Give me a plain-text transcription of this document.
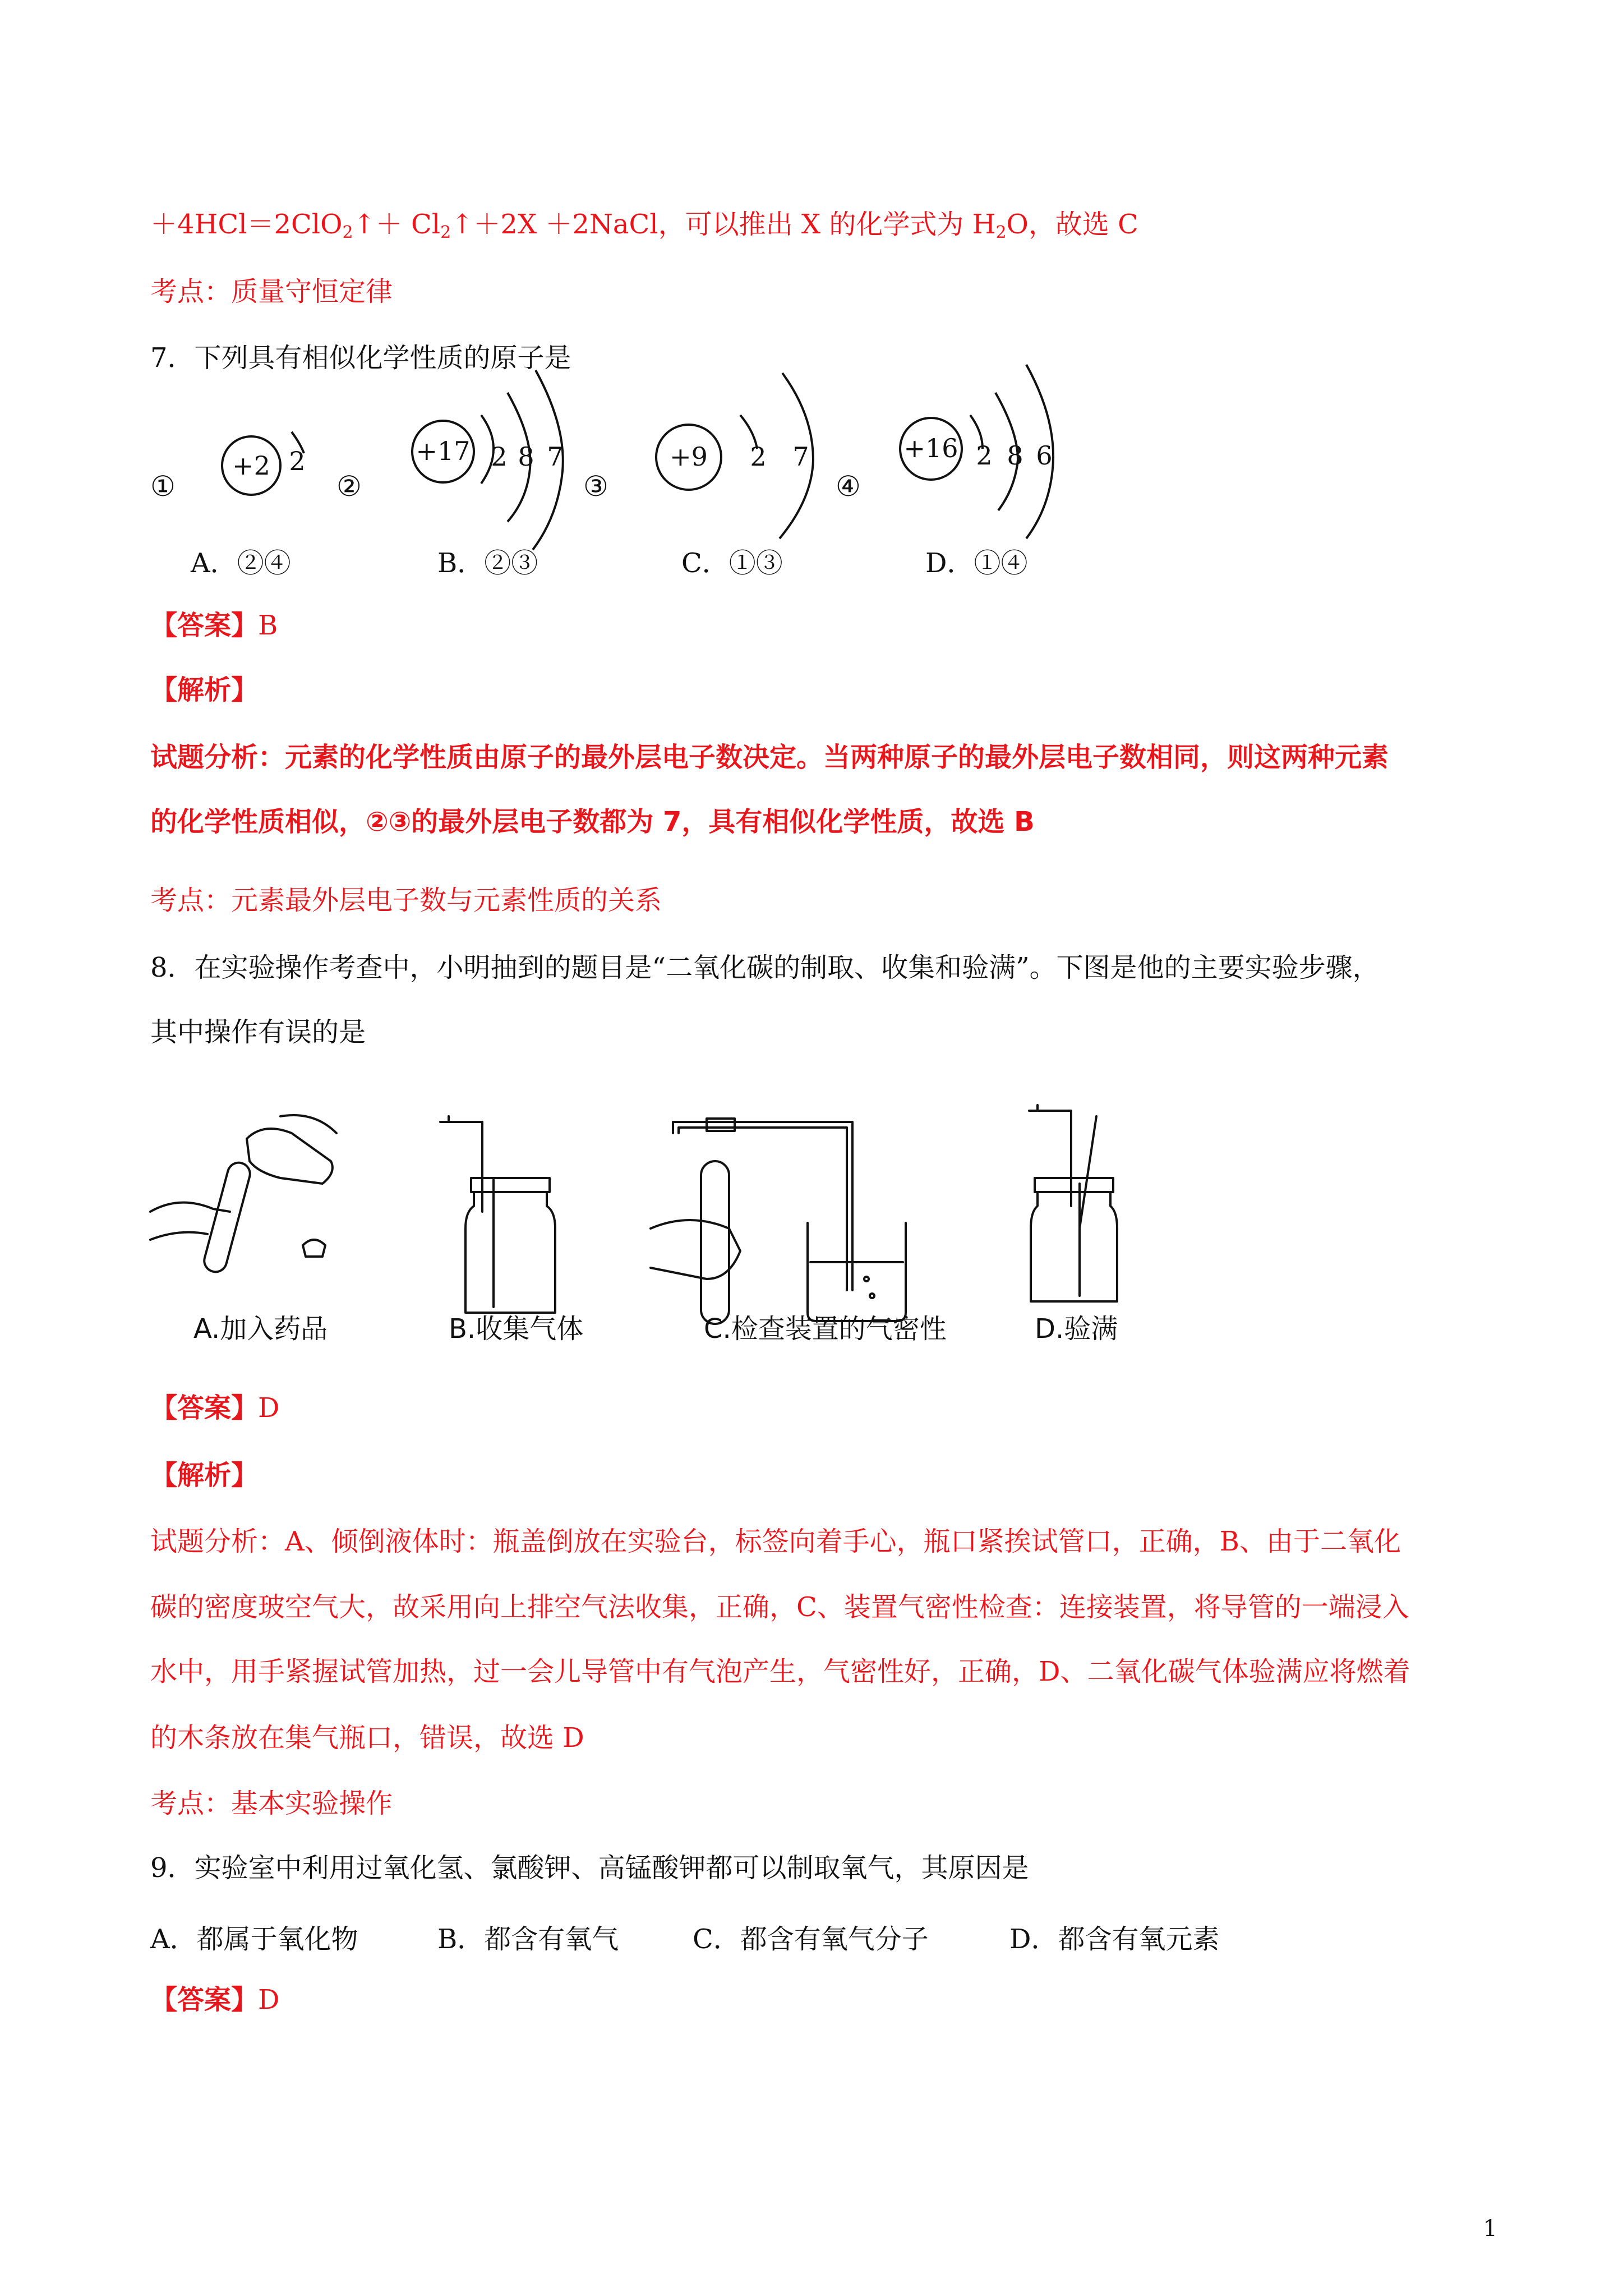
＋4HCl＝2ClO$_2$↑＋ $Cl_2↑+2X$ ＋2NaCl，可以推出 X 的化学式为 $H_2O$，故选 C
考点：质量守恒定律
7．下列具有相似化学性质的原子是
①	②	③	④
+2 2	+17 2 8 7	+9 2 7	+16 2 8 6
A．②④	B．②③	C．①③	D．①④
【答案】B
【解析】
试题分析：元素的化学性质由原子的最外层电子数决定。当两种原子的最外层电子数相同，则这两种元素
的化学性质相似，②③的最外层电子数都为 7，具有相似化学性质，故选 B
考点：元素最外层电子数与元素性质的关系
8．在实验操作考查中，小明抽到的题目是“二氧化碳的制取、收集和验满”。下图是他的主要实验步骤，
其中操作有误的是
A.加入药品	B.收集气体	C.检查装置的气密性	D.验满
【答案】D
【解析】
试题分析：A、倾倒液体时：瓶盖倒放在实验台，标签向着手心，瓶口紧挨试管口，正确，B、由于二氧化
碳的密度玻空气大，故采用向上排空气法收集，正确，C、装置气密性检查：连接装置，将导管的一端浸入
水中，用手紧握试管加热，过一会儿导管中有气泡产生，气密性好，正确，D、二氧化碳气体验满应将燃着
的木条放在集气瓶口，错误，故选 D
考点：基本实验操作
9．实验室中利用过氧化氢、氯酸钾、高锰酸钾都可以制取氧气，其原因是
A．都属于氧化物	B．都含有氧气	C．都含有氧气分子	D．都含有氧元素
【答案】D
1
